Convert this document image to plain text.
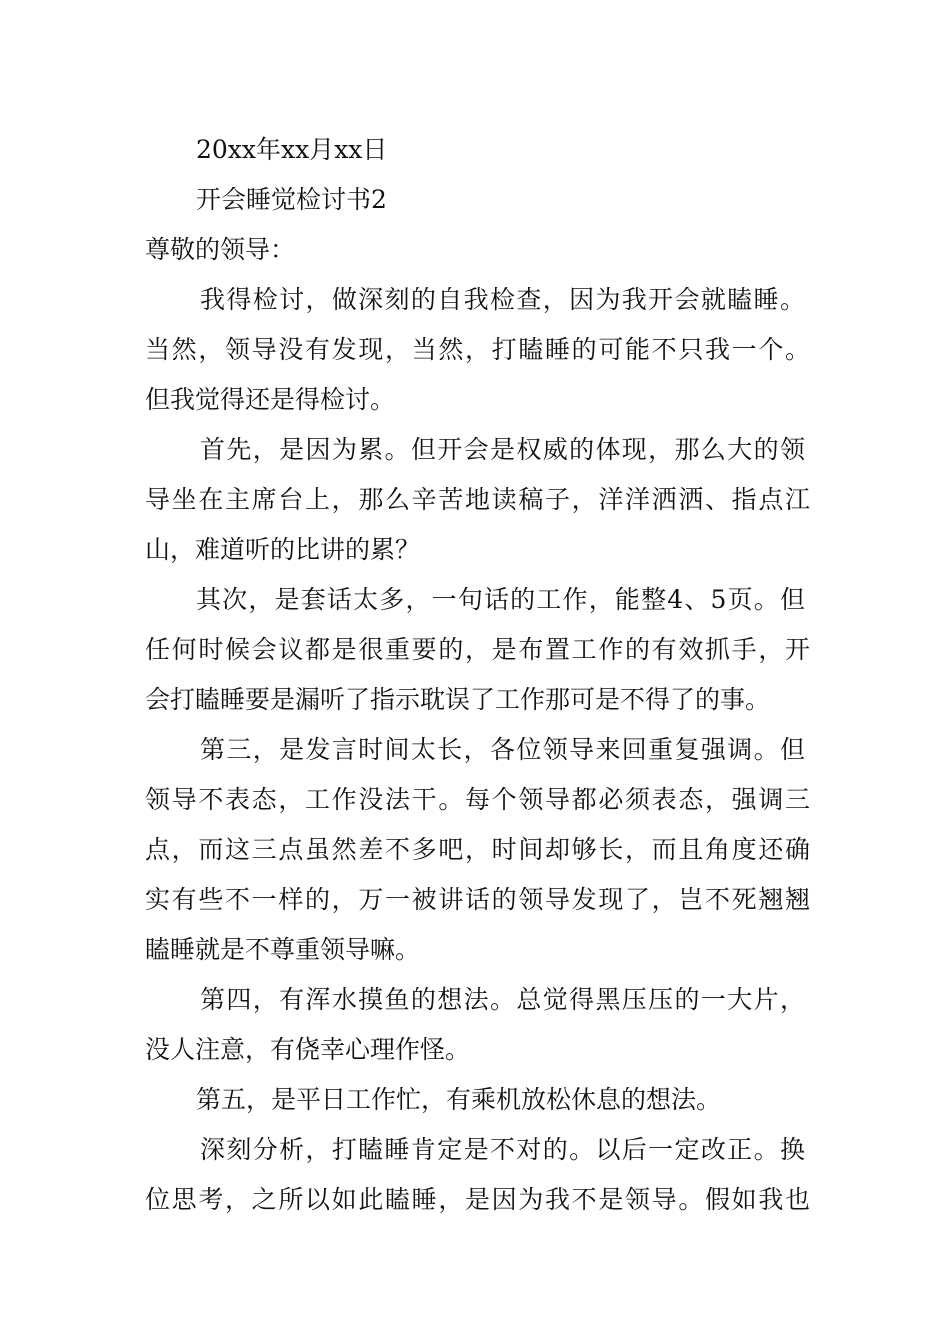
20xx年xx月xx日
开会睡觉检讨书2
尊敬的领导：
我得检讨，做深刻的自我检查，因为我开会就瞌睡。
当然，领导没有发现，当然，打瞌睡的可能不只我一个。
但我觉得还是得检讨。
首先，是因为累。但开会是权威的体现，那么大的领
导坐在主席台上，那么辛苦地读稿子，洋洋洒洒、指点江
山，难道听的比讲的累？
其次，是套话太多，一句话的工作，能整4、5页。但
任何时候会议都是很重要的，是布置工作的有效抓手，开
会打瞌睡要是漏听了指示耽误了工作那可是不得了的事。
第三，是发言时间太长，各位领导来回重复强调。但
领导不表态，工作没法干。每个领导都必须表态，强调三
点，而这三点虽然差不多吧，时间却够长，而且角度还确
实有些不一样的，万一被讲话的领导发现了，岂不死翘翘
瞌睡就是不尊重领导嘛。
第四，有浑水摸鱼的想法。总觉得黑压压的一大片，
没人注意，有侥幸心理作怪。
第五，是平日工作忙，有乘机放松休息的想法。
深刻分析，打瞌睡肯定是不对的。以后一定改正。换
位思考，之所以如此瞌睡，是因为我不是领导。假如我也
